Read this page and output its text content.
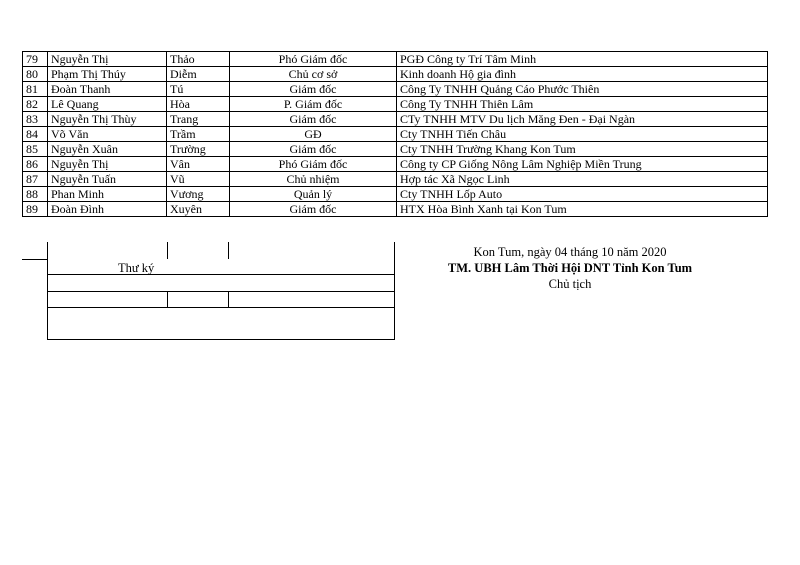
79	Nguyễn Thị	Thảo	Phó Giám đốc	PGĐ Công ty Trí Tâm Minh
80	Phạm Thị Thúy	Diễm	Chủ cơ sở	Kinh doanh Hộ gia đình
81	Đoàn Thanh	Tú	Giám đốc	Công Ty TNHH Quảng Cáo Phước Thiên
82	Lê Quang	Hòa	P. Giám đốc	Công Ty TNHH Thiên Lâm
83	Nguyễn Thị Thùy	Trang	Giám đốc	CTy TNHH MTV Du lịch Măng Đen - Đại Ngàn
84	Võ Văn	Trầm	GĐ	Cty TNHH Tiến Châu
85	Nguyễn Xuân	Trường	Giám đốc	Cty TNHH Trường Khang Kon Tum
86	Nguyễn Thị	Vân	Phó Giám đốc	Công ty CP Giống Nông Lâm Nghiệp Miền Trung
87	Nguyễn Tuấn	Vũ	Chủ nhiệm	Hợp tác Xã Ngọc Linh
88	Phan Minh	Vương	Quản lý	Cty TNHH Lốp Auto
89	Đoàn Đình	Xuyên	Giám đốc	HTX Hòa Bình Xanh tại Kon Tum
Thư ký
Kon Tum, ngày 04 tháng 10 năm 2020
TM. UBH Lâm Thời Hội DNT Tỉnh Kon Tum
Chủ tịch
